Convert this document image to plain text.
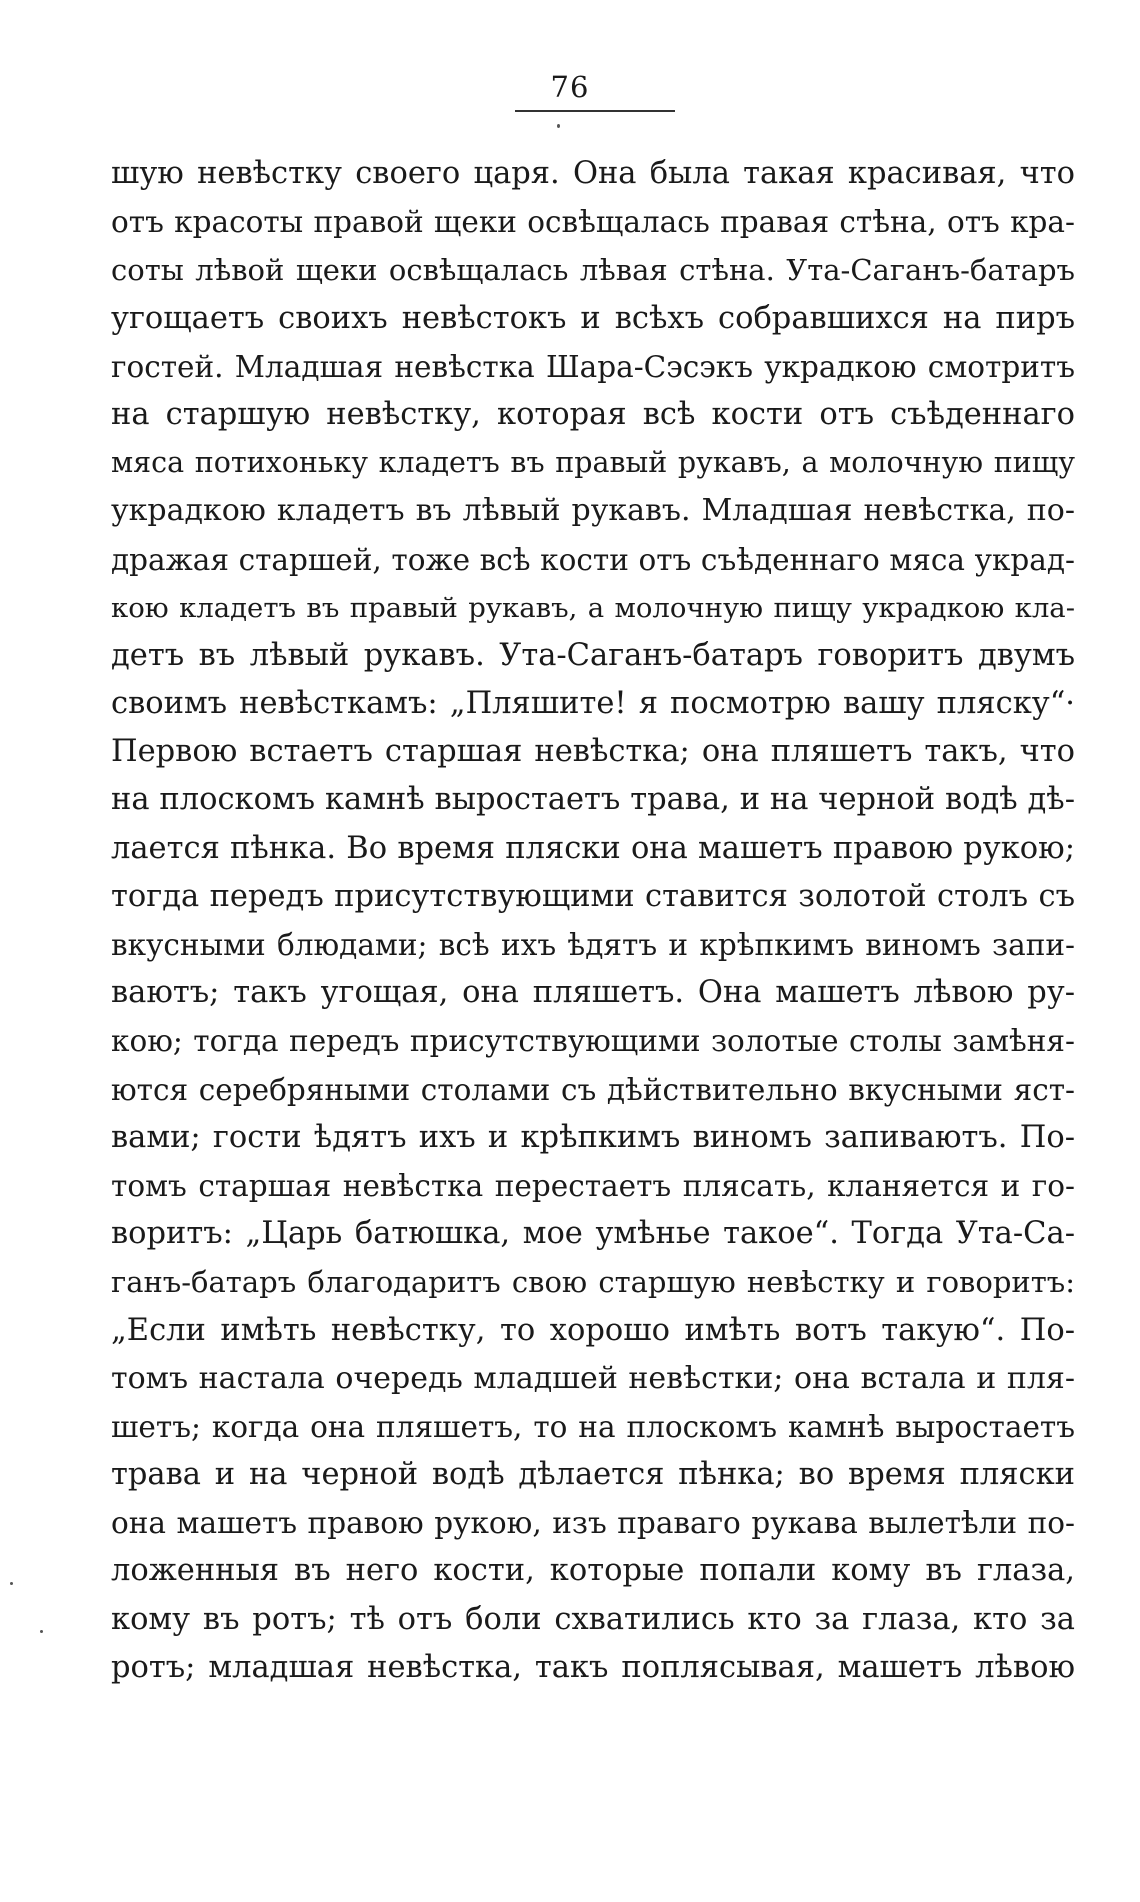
76
шую невѣстку своего царя. Она была такая красивая, что
отъ красоты правой щеки освѣщалась правая стѣна, отъ кра-
соты лѣвой щеки освѣщалась лѣвая стѣна. Ута-Саганъ-батаръ
угощаетъ своихъ невѣстокъ и всѣхъ собравшихся на пиръ
гостей. Младшая невѣстка Шара-Сэсэкъ украдкою смотритъ
на старшую невѣстку, которая всѣ кости отъ съѣденнаго
мяса потихоньку кладетъ въ правый рукавъ, а молочную пищу
украдкою кладетъ въ лѣвый рукавъ. Младшая невѣстка, по-
дражая старшей, тоже всѣ кости отъ съѣденнаго мяса украд-
кою кладетъ въ правый рукавъ, а молочную пищу украдкою кла-
детъ въ лѣвый рукавъ. Ута-Саганъ-батаръ говоритъ двумъ
своимъ невѣсткамъ: „Пляшите! я посмотрю вашу пляску“·
Первою встаетъ старшая невѣстка; она пляшетъ такъ, что
на плоскомъ камнѣ выростаетъ трава, и на черной водѣ дѣ-
лается пѣнка. Во время пляски она машетъ правою рукою;
тогда передъ присутствующими ставится золотой столъ съ
вкусными блюдами; всѣ ихъ ѣдятъ и крѣпкимъ виномъ запи-
ваютъ; такъ угощая, она пляшетъ. Она машетъ лѣвою ру-
кою; тогда передъ присутствующими золотые столы замѣня-
ются серебряными столами съ дѣйствительно вкусными яст-
вами; гости ѣдятъ ихъ и крѣпкимъ виномъ запиваютъ. По-
томъ старшая невѣстка перестаетъ плясать, кланяется и го-
воритъ: „Царь батюшка, мое умѣнье такое“. Тогда Ута-Са-
ганъ-батаръ благодаритъ свою старшую невѣстку и говоритъ:
„Если имѣть невѣстку, то хорошо имѣть вотъ такую“. По-
томъ настала очередь младшей невѣстки; она встала и пля-
шетъ; когда она пляшетъ, то на плоскомъ камнѣ выростаетъ
трава и на черной водѣ дѣлается пѣнка; во время пляски
она машетъ правою рукою, изъ праваго рукава вылетѣли по-
ложенныя въ него кости, которые попали кому въ глаза,
кому въ ротъ; тѣ отъ боли схватились кто за глаза, кто за
ротъ; младшая невѣстка, такъ поплясывая, машетъ лѣвою
